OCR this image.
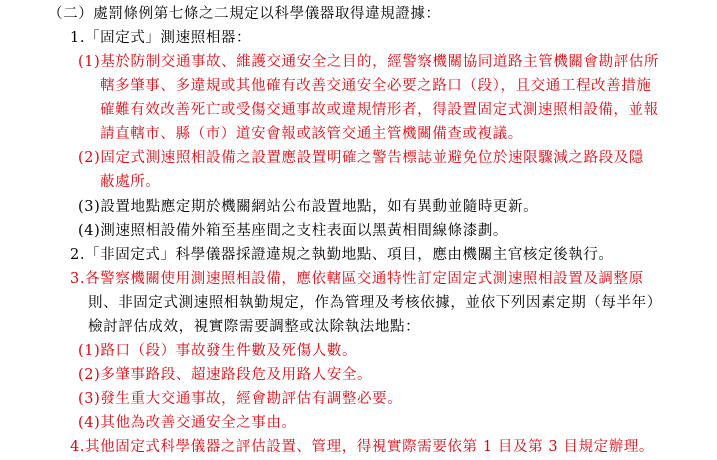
（二）處罰條例第七條之二規定以科學儀器取得違規證據：
1.「固定式」測速照相器：
(1)基於防制交通事故、維護交通安全之目的，經警察機關協同道路主管機關會勘評估所
轄多肇事、多違規或其他確有改善交通安全必要之路口（段），且交通工程改善措施
確難有效改善死亡或受傷交通事故或違規情形者，得設置固定式測速照相設備，並報
請直轄市、縣（市）道安會報或該管交通主管機關備查或複議。
(2)固定式測速照相設備之設置應設置明確之警告標誌並避免位於速限驟減之路段及隱
蔽處所。
(3)設置地點應定期於機關網站公布設置地點，如有異動並隨時更新。
(4)測速照相設備外箱至基座間之支柱表面以黑黃相間線條漆劃。
2.「非固定式」科學儀器採證違規之執勤地點、項目，應由機關主官核定後執行。
3.各警察機關使用測速照相設備，應依轄區交通特性訂定固定式測速照相設置及調整原
則、非固定式測速照相執勤規定，作為管理及考核依據，並依下列因素定期（每半年）
檢討評估成效，視實際需要調整或汰除執法地點：
(1)路口（段）事故發生件數及死傷人數。
(2)多肇事路段、超速路段危及用路人安全。
(3)發生重大交通事故，經會勘評估有調整必要。
(4)其他為改善交通安全之事由。
4.其他固定式科學儀器之評估設置、管理，得視實際需要依第 1 目及第 3 目規定辦理。
